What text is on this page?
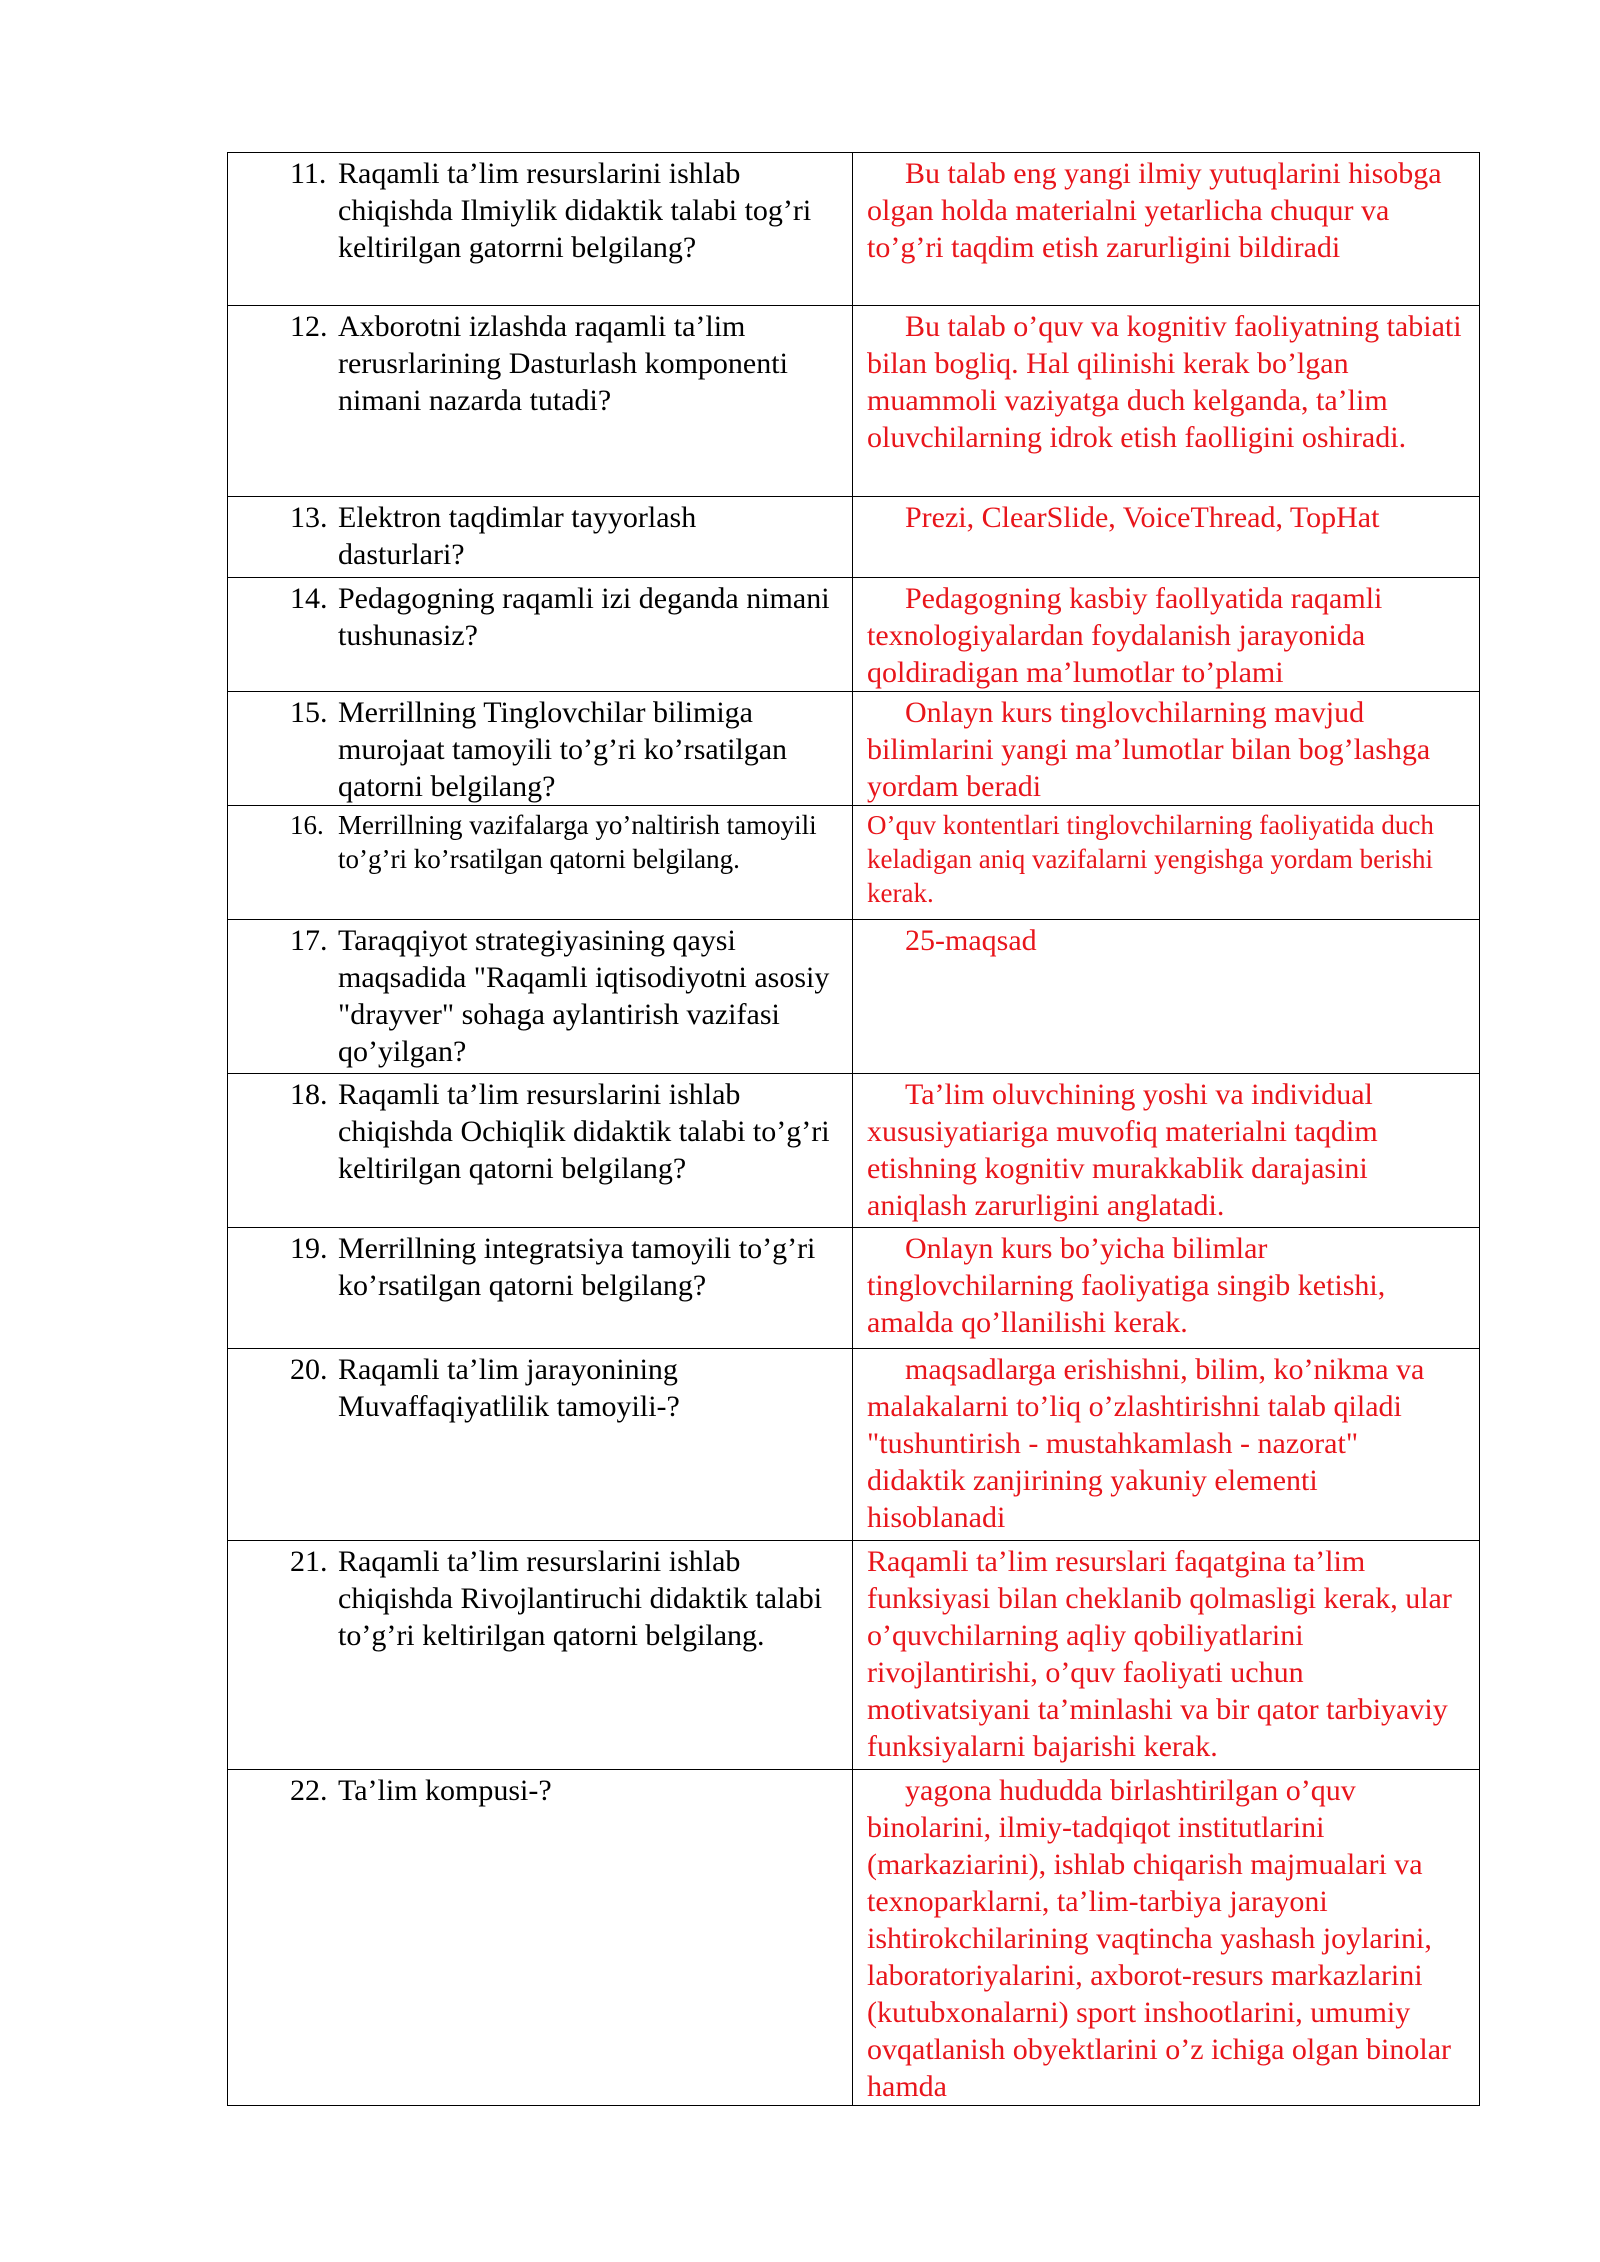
11. Raqamli ta’lim resurslarini ishlab chiqishda Ilmiylik didaktik talabi tog’ri keltirilgan gatorrni belgilang?	Bu talab eng yangi ilmiy yutuqlarini hisobga olgan holda materialni yetarlicha chuqur va to’g’ri taqdim etish zarurligini bildiradi

12. Axborotni izlashda raqamli ta’lim rerusrlarining Dasturlash komponenti nimani nazarda tutadi?	Bu talab o’quv va kognitiv faoliyatning tabiati bilan bogliq. Hal qilinishi kerak bo’lgan muammoli vaziyatga duch kelganda, ta’lim oluvchilarning idrok etish faolligini oshiradi.

13. Elektron taqdimlar tayyorlash dasturlari?	Prezi, ClearSlide, VoiceThread, TopHat

14. Pedagogning raqamli izi deganda nimani tushunasiz?	Pedagogning kasbiy faollyatida raqamli texnologiyalardan foydalanish jarayonida qoldiradigan ma’lumotlar to’plami

15. Merrillning Tinglovchilar bilimiga murojaat tamoyili to’g’ri ko’rsatilgan qatorni belgilang?	Onlayn kurs tinglovchilarning mavjud bilimlarini yangi ma’lumotlar bilan bog’lashga yordam beradi

16. Merrillning vazifalarga yo’naltirish tamoyili to’g’ri ko’rsatilgan qatorni belgilang.	O’quv kontentlari tinglovchilarning faoliyatida duch keladigan aniq vazifalarni yengishga yordam berishi kerak.

17. Taraqqiyot strategiyasining qaysi maqsadida "Raqamli iqtisodiyotni asosiy "drayver" sohaga aylantirish vazifasi qo’yilgan?	25-maqsad

18. Raqamli ta’lim resurslarini ishlab chiqishda Ochiqlik didaktik talabi to’g’ri keltirilgan qatorni belgilang?	Ta’lim oluvchining yoshi va individual xususiyatiariga muvofiq materialni taqdim etishning kognitiv murakkablik darajasini aniqlash zarurligini anglatadi.

19. Merrillning integratsiya tamoyili to’g’ri ko’rsatilgan qatorni belgilang?	Onlayn kurs bo’yicha bilimlar tinglovchilarning faoliyatiga singib ketishi, amalda qo’llanilishi kerak.

20. Raqamli ta’lim jarayonining Muvaffaqiyatlilik tamoyili-?	maqsadlarga erishishni, bilim, ko’nikma va malakalarni to’liq o’zlashtirishni talab qiladi "tushuntirish - mustahkamlash - nazorat" didaktik zanjirining yakuniy elementi hisoblanadi

21. Raqamli ta’lim resurslarini ishlab chiqishda Rivojlantiruchi didaktik talabi to’g’ri keltirilgan qatorni belgilang.	Raqamli ta’lim resurslari faqatgina ta’lim funksiyasi bilan cheklanib qolmasligi kerak, ular o’quvchilarning aqliy qobiliyatlarini rivojlantirishi, o’quv faoliyati uchun motivatsiyani ta’minlashi va bir qator tarbiyaviy funksiyalarni bajarishi kerak.

22. Ta’lim kompusi-?	yagona hududda birlashtirilgan o’quv binolarini, ilmiy-tadqiqot institutlarini (markaziarini), ishlab chiqarish majmualari va texnoparklarni, ta’lim-tarbiya jarayoni ishtirokchilarining vaqtincha yashash joylarini, laboratoriyalarini, axborot-resurs markazlarini (kutubxonalarni) sport inshootlarini, umumiy ovqatlanish obyektlarini o’z ichiga olgan binolar hamda
